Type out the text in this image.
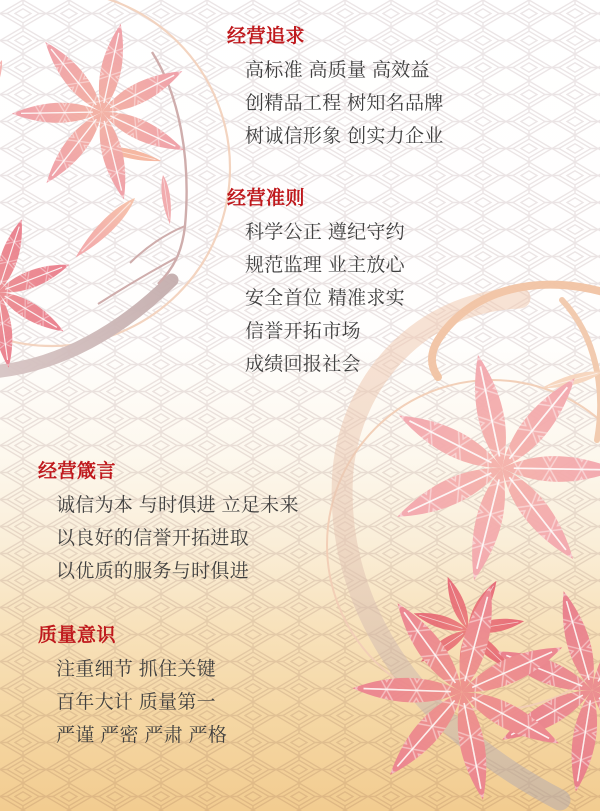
经营追求
高标准 高质量 高效益
创精品工程 树知名品牌
树诚信形象 创实力企业
经营准则
科学公正 遵纪守约
规范监理 业主放心
安全首位 精准求实
信誉开拓市场
成绩回报社会
经营箴言
诚信为本 与时俱进 立足未来
以良好的信誉开拓进取
以优质的服务与时俱进
质量意识
注重细节 抓住关键
百年大计 质量第一
严谨 严密 严肃 严格
